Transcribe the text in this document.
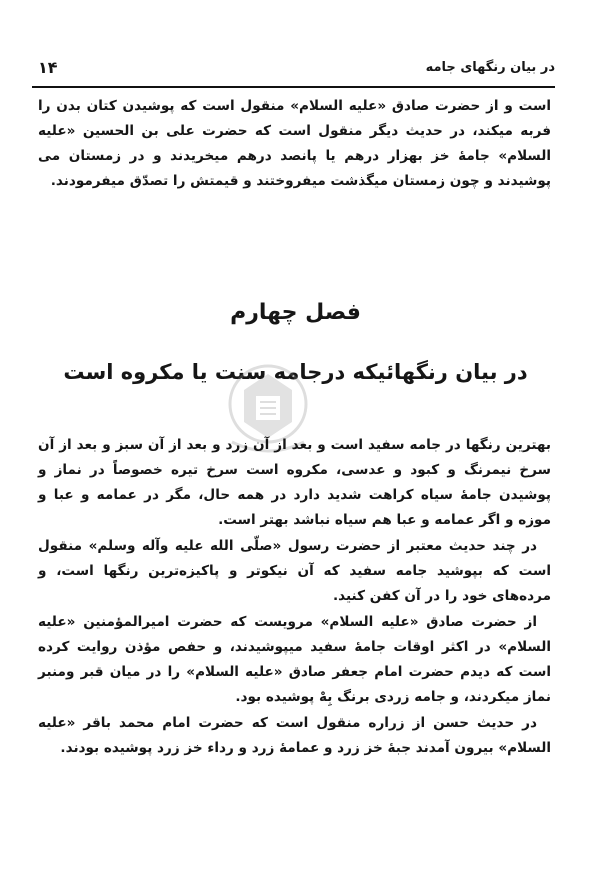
در بیان رنگهای جامه
۱۴

است و از حضرت صادق «علیه السلام» منقول است که پوشیدن کتان بدن را فربه میکند، در حدیث دیگر منقول است که حضرت علی بن الحسین «علیه السلام» جامهٔ خز بهزار درهم یا پانصد درهم میخریدند و در زمستان می پوشیدند و چون زمستان میگذشت میفروختند و قیمتش را تصدّق میفرمودند.

فصل چهارم
در بیان رنگهائیکه درجامه سنت یا مکروه است

بهترین رنگها در جامه سفید است و بعد از آن زرد و بعد از آن سبز و بعد از آن سرخ نیمرنگ و کبود و عدسی، مکروه است سرخ تیره خصوصاً در نماز و پوشیدن جامهٔ سیاه کراهت شدید دارد در همه حال، مگر در عمامه و عبا و موزه و اگر عمامه و عبا هم سیاه نباشد بهتر است.

در چند حدیث معتبر از حضرت رسول «صلّی الله علیه وآله وسلم» منقول است که بپوشید جامه سفید که آن نیکوتر و پاکیزه‌ترین رنگها است، و مرده‌های خود را در آن کفن کنید.

از حضرت صادق «علیه السلام» مرویست که حضرت امیرالمؤمنین «علیه السلام» در اکثر اوقات جامهٔ سفید میپوشیدند، و حفص مؤذن روایت کرده است که دیدم حضرت امام جعفر صادق «علیه السلام» را در میان قبر ومنبر نماز میکردند، و جامه زردی برنگ بِهْ پوشیده بود.

در حدیث حسن از زراره منقول است که حضرت امام محمد باقر «علیه السلام» بیرون آمدند جبهٔ خز زرد و عمامهٔ زرد و رداء خز زرد پوشیده بودند.
